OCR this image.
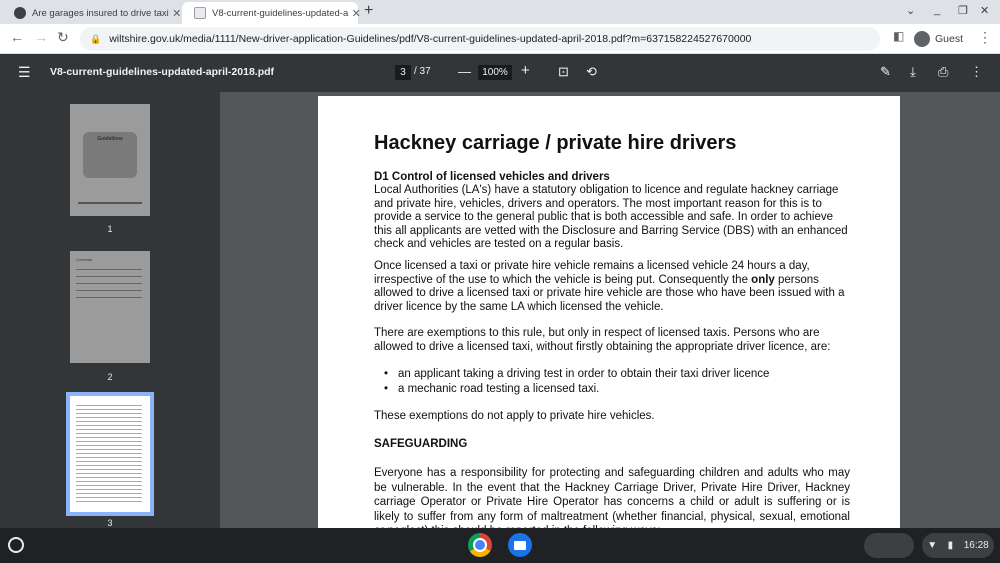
Are garages insured to drive taxi ✕	V8-current-guidelines-updated-a ✕ +	⌄ _ ❐ ✕
← → ↻ 🔒 wiltshire.gov.uk/media/1111/New-driver-application-Guidelines/pdf/V8-current-guidelines-updated-april-2018.pdf?m=637158224527670000	◧	Guest ⋮
☰ V8-current-guidelines-updated-april-2018.pdf	3 / 37 —	100% + ⊡ ⟲	✎ ⤓ ⎙ ⋮
Guidelines
1
Contents
2
3
Hackney carriage / private hire drivers
D1 Control of licensed vehicles and drivers
Local Authorities (LA's) have a statutory obligation to licence and regulate hackney carriage and private hire, vehicles, drivers and operators. The most important reason for this is to provide a service to the general public that is both accessible and safe. In order to achieve this all applicants are vetted with the Disclosure and Barring Service (DBS) with an enhanced check and vehicles are tested on a regular basis.
Once licensed a taxi or private hire vehicle remains a licensed vehicle 24 hours a day, irrespective of the use to which the vehicle is being put. Consequently the only persons allowed to drive a licensed taxi or private hire vehicle are those who have been issued with a driver licence by the same LA which licensed the vehicle.
There are exemptions to this rule, but only in respect of licensed taxis. Persons who are allowed to drive a licensed taxi, without firstly obtaining the appropriate driver licence, are:
• an applicant taking a driving test in order to obtain their taxi driver licence
• a mechanic road testing a licensed taxi.
These exemptions do not apply to private hire vehicles.
SAFEGUARDING
Everyone has a responsibility for protecting and safeguarding children and adults who may be vulnerable. In the event that the Hackney Carriage Driver, Private Hire Driver, Hackney carriage Operator or Private Hire Operator has concerns a child or adult is suffering or is likely to suffer from any form of maltreatment (whether financial, physical, sexual, emotional
▼ ▮ 16:28
